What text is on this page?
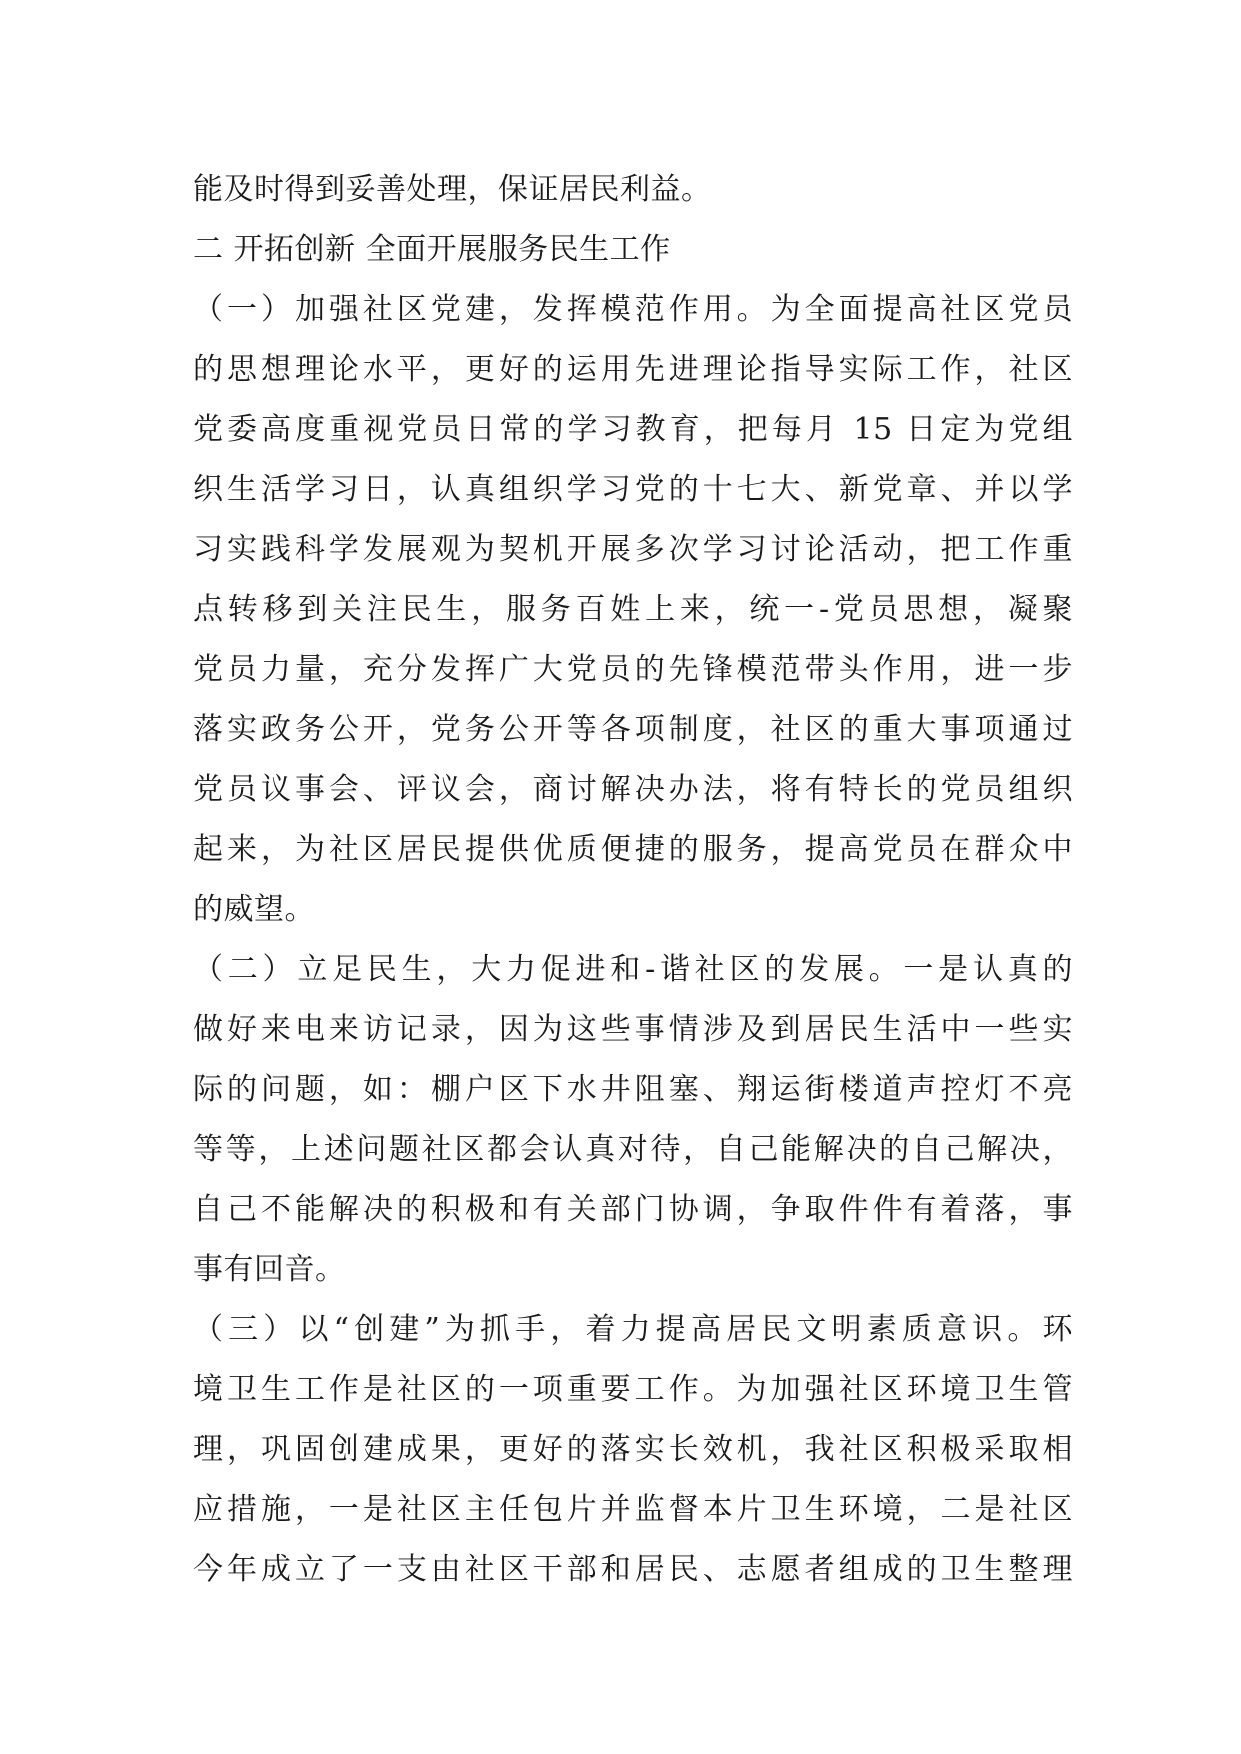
能及时得到妥善处理，保证居民利益。
二 开拓创新 全面开展服务民生工作
（一）加强社区党建，发挥模范作用。为全面提高社区党员
的思想理论水平，更好的运用先进理论指导实际工作，社区
党委高度重视党员日常的学习教育，把每月 15 日定为党组
织生活学习日，认真组织学习党的十七大、新党章、并以学
习实践科学发展观为契机开展多次学习讨论活动，把工作重
点转移到关注民生，服务百姓上来，统一-党员思想，凝聚
党员力量，充分发挥广大党员的先锋模范带头作用，进一步
落实政务公开，党务公开等各项制度，社区的重大事项通过
党员议事会、评议会，商讨解决办法，将有特长的党员组织
起来，为社区居民提供优质便捷的服务，提高党员在群众中
的威望。
（二）立足民生，大力促进和-谐社区的发展。一是认真的
做好来电来访记录，因为这些事情涉及到居民生活中一些实
际的问题，如：棚户区下水井阻塞、翔运街楼道声控灯不亮
等等，上述问题社区都会认真对待，自己能解决的自己解决，
自己不能解决的积极和有关部门协调，争取件件有着落，事
事有回音。
（三）以“创建”为抓手，着力提高居民文明素质意识。环
境卫生工作是社区的一项重要工作。为加强社区环境卫生管
理，巩固创建成果，更好的落实长效机，我社区积极采取相
应措施，一是社区主任包片并监督本片卫生环境，二是社区
今年成立了一支由社区干部和居民、志愿者组成的卫生整理
